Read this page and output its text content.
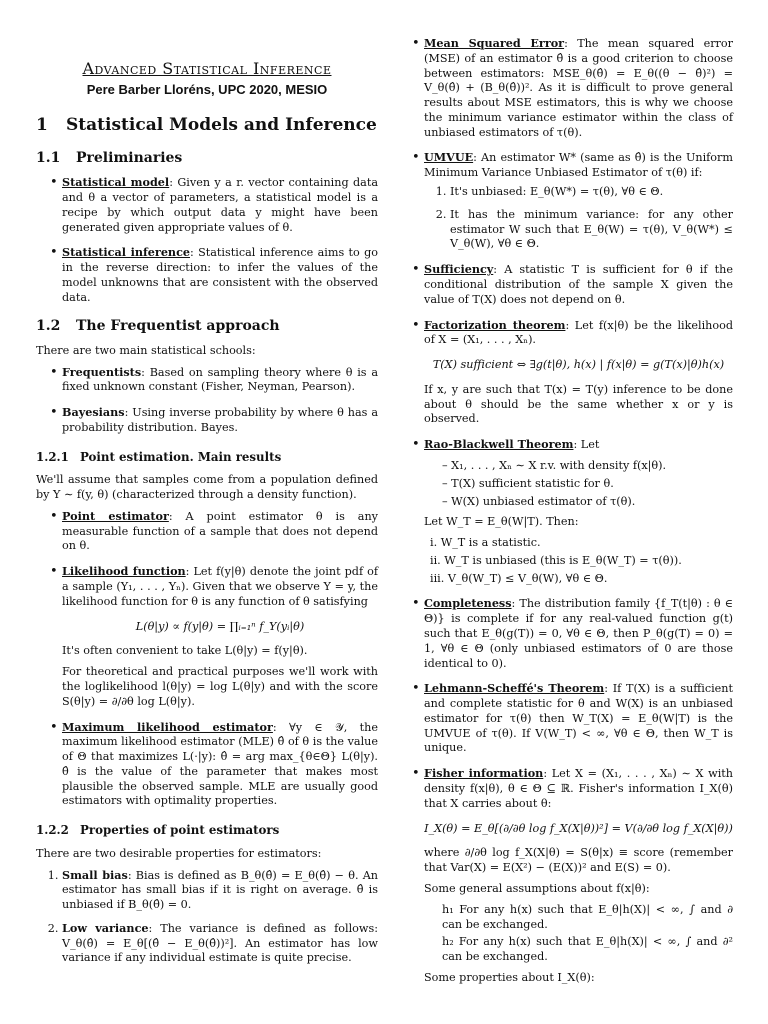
Advanced Statistical Inference
Pere Barber Lloréns, UPC 2020, MESIO
1 Statistical Models and Inference
1.1 Preliminaries
• Statistical model: Given y a r. vector containing data and θ a vector of parameters, a statistical model is a recipe by which output data y might have been generated given appropriate values of θ.
• Statistical inference: Statistical inference aims to go in the reverse direction: to infer the values of the model unknowns that are consistent with the observed data.
1.2 The Frequentist approach

There are two main statistical schools:

• Frequentists: Based on sampling theory where θ is a fixed unknown constant (Fisher, Neyman, Pearson).
• Bayesians: Using inverse probability by where θ has a probability distribution. Bayes.
1.2.1 Point estimation. Main results

We'll assume that samples come from a population defined by Y ∼ f(y, θ) (characterized through a density function).

• Point estimator: A point estimator θ is any measurable function of a sample that does not depend on θ.
• Likelihood function: Let f(y|θ) denote the joint pdf of a sample (Y₁, . . . , Yₙ). Given that we observe Y = y, the likelihood function for θ is any function of θ satisfying
L(θ|y) ∝ f(y|θ) = ∏ᵢ₌₁ⁿ f_Y(yᵢ|θ)

It's often convenient to take L(θ|y) = f(y|θ).

For theoretical and practical purposes we'll work with the loglikelihood l(θ|y) = log L(θ|y) and with the score S(θ|y) = ∂/∂θ log L(θ|y).

• Maximum likelihood estimator: ∀y ∈ 𝒴, the maximum likelihood estimator (MLE) θ̂ of θ is the value of Θ that maximizes L(·|y): θ̂ = arg max_{θ∈Θ} L(θ|y). θ̂ is the value of the parameter that makes most plausible the observed sample. MLE are usually good estimators with optimality properties.
1.2.2 Properties of point estimators

There are two desirable properties for estimators:

1. Small bias: Bias is defined as B_θ(θ̂) = E_θ(θ̂) − θ. An estimator has small bias if it is right on average. θ̂ is unbiased if B_θ(θ̂) = 0.
2. Low variance: The variance is defined as follows: V_θ(θ̂) = E_θ[(θ̂ − E_θ(θ̂))²]. An estimator has low variance if any individual estimate is quite precise.
• Mean Squared Error: The mean squared error (MSE) of an estimator θ̂ is a good criterion to choose between estimators: MSE_θ(θ̂) = E_θ((θ − θ̂)²) = V_θ(θ̂) + (B_θ(θ̂))². As it is difficult to prove general results about MSE estimators, this is why we choose the minimum variance estimator within the class of unbiased estimators of τ(θ).
• UMVUE: An estimator W* (same as θ̂) is the Uniform Minimum Variance Unbiased Estimator of τ(θ) if:
1. It's unbiased: E_θ(W*) = τ(θ), ∀θ ∈ Θ.
2. It has the minimum variance: for any other estimator W such that E_θ(W) = τ(θ), V_θ(W*) ≤ V_θ(W), ∀θ ∈ Θ.
• Sufficiency: A statistic T is sufficient for θ if the conditional distribution of the sample X given the value of T(X) does not depend on θ.
• Factorization theorem: Let f(x|θ) be the likelihood of X = (X₁, . . . , Xₙ).
T(X) sufficient ⇔ ∃g(t|θ), h(x) | f(x|θ) = g(T(x)|θ)h(x)

If x, y are such that T(x) = T(y) inference to be done about θ should be the same whether x or y is observed.

• Rao-Blackwell Theorem: Let
– X₁, . . . , Xₙ ∼ X r.v. with density f(x|θ).
– T(X) sufficient statistic for θ.
– W(X) unbiased estimator of τ(θ).

Let W_T = E_θ(W|T). Then:

i. W_T is a statistic.
ii. W_T is unbiased (this is E_θ(W_T) = τ(θ)).
iii. V_θ(W_T) ≤ V_θ(W), ∀θ ∈ Θ.
• Completeness: The distribution family {f_T(t|θ) : θ ∈ Θ)} is complete if for any real-valued function g(t) such that E_θ(g(T)) = 0, ∀θ ∈ Θ, then P_θ(g(T) = 0) = 1, ∀θ ∈ Θ (only unbiased estimators of 0 are those identical to 0).
• Lehmann-Scheffé's Theorem: If T(X) is a sufficient and complete statistic for θ and W(X) is an unbiased estimator for τ(θ) then W_T(X) = E_θ(W|T) is the UMVUE of τ(θ). If V(W_T) < ∞, ∀θ ∈ Θ, then W_T is unique.
• Fisher information: Let X = (X₁, . . . , Xₙ) ∼ X with density f(x|θ), θ ∈ Θ ⊆ ℝ. Fisher's information I_X(θ) that X carries about θ:
I_X(θ) = E_θ[(∂/∂θ log f_X(X|θ))²] = V(∂/∂θ log f_X(X|θ))

where ∂/∂θ log f_X(X|θ) = S(θ|x) ≡ score (remember that Var(X) = E(X²) − (E(X))² and E(S) = 0).

Some general assumptions about f(x|θ):

h₁ For any h(x) such that E_θ|h(X)| < ∞, ∫ and ∂ can be exchanged.
h₂ For any h(x) such that E_θ|h(X)| < ∞, ∫ and ∂² can be exchanged.

Some properties about I_X(θ):
